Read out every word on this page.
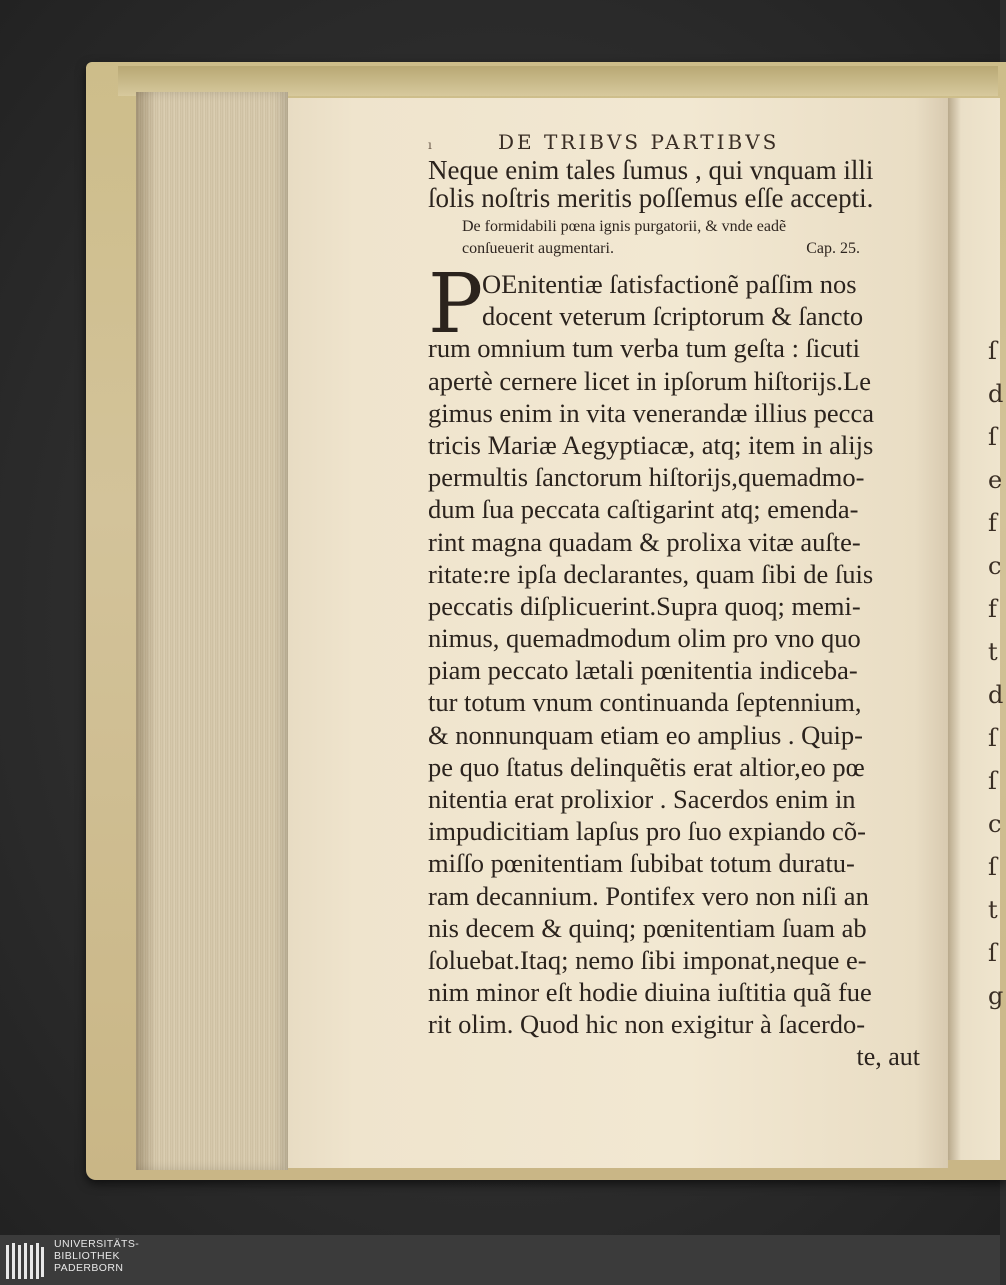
ſ
d
ſ
e
f
c
f
t
d
ſ
ſ
c
ſ
t
ſ
g
ı	DE TRIBVS PARTIBVS
Neque enim tales ſumus , qui vnquam illi
ſolis noſtris meritis poſſemus eſſe accepti.
De formidabili pœna ignis purgatorii, & vnde eadẽ
conſueuerit augmentari.	Cap. 25.
P
OEnitentiæ ſatisfactionẽ paſſim nos
docent veterum ſcriptorum & ſancto
rum omnium tum verba tum geſta : ſicuti
apertè cernere licet in ipſorum hiſtorijs.Le
gimus enim in vita venerandæ illius pecca
tricis Mariæ Aegyptiacæ, atq; item in alijs
permultis ſanctorum hiſtorijs,quemadmo-
dum ſua peccata caſtigarint atq; emenda-
rint magna quadam & prolixa vitæ auſte-
ritate:re ipſa declarantes, quam ſibi de ſuis
peccatis diſplicuerint.Supra quoq; memi-
nimus, quemadmodum olim pro vno quo
piam peccato lætali pœnitentia indiceba-
tur totum vnum continuanda ſeptennium,
& nonnunquam etiam eo amplius . Quip-
pe quo ſtatus delinquẽtis erat altior,eo pœ
nitentia erat prolixior . Sacerdos enim in
impudicitiam lapſus pro ſuo expiando cõ-
miſſo pœnitentiam ſubibat totum duratu-
ram decannium. Pontifex vero non niſi an
nis decem & quinq; pœnitentiam ſuam ab
ſoluebat.Itaq; nemo ſibi imponat,neque e-
nim minor eſt hodie diuina iuſtitia quã fue
rit olim. Quod hic non exigitur à ſacerdo-
te, aut
UNIVERSITÄTS-
BIBLIOTHEK
PADERBORN
